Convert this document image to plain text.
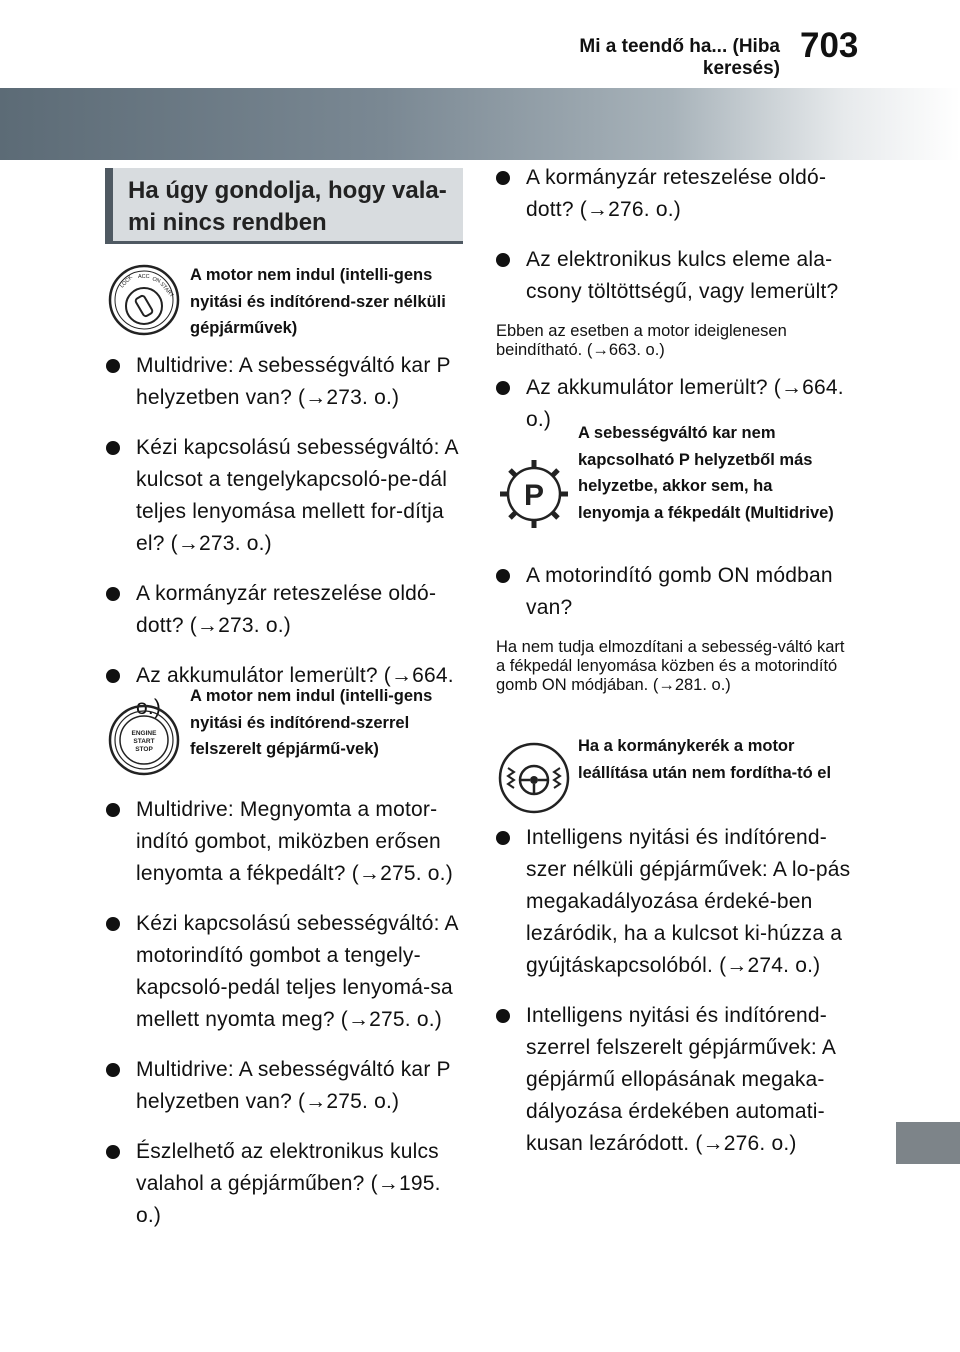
Mi a teendő ha... (Hiba keresés)
703
Ha úgy gondolja, hogy vala-mi nincs rendben
LOCK ACC ON
START
A motor nem indul (intelli-gens nyitási és indítórend-szer nélküli gépjárművek)
Multidrive: A sebességváltó kar P helyzetben van? (→273. o.)
Kézi kapcsolású sebességváltó: A kulcsot a tengelykapcsoló-pe-dál teljes lenyomása mellett for-dítja el? (→273. o.)
A kormányzár reteszelése oldó-dott? (→273. o.)
Az akkumulátor lemerült? (→664. o.)
ENGINE
START
STOP
A motor nem indul (intelli-gens nyitási és indítórend-szerrel felszerelt gépjármű-vek)
Multidrive: Megnyomta a motor-indító gombot, miközben erősen lenyomta a fékpedált? (→275. o.)
Kézi kapcsolású sebességváltó: A motorindító gombot a tengely-kapcsoló-pedál teljes lenyomá-sa mellett nyomta meg? (→275. o.)
Multidrive: A sebességváltó kar P helyzetben van? (→275. o.)
Észlelhető az elektronikus kulcs valahol a gépjárműben? (→195. o.)
A kormányzár reteszelése oldó-dott? (→276. o.)
Az elektronikus kulcs eleme ala-csony töltöttségű, vagy lemerült?
Ebben az esetben a motor ideiglenesen beindítható. (→663. o.)
Az akkumulátor lemerült? (→664. o.)
P
A sebességváltó kar nem kapcsolható P helyzetből más helyzetbe, akkor sem, ha lenyomja a fékpedált (Multidrive)
A motorindító gomb ON módban van?
Ha nem tudja elmozdítani a sebesség-váltó kart a fékpedál lenyomása közben és a motorindító gomb ON módjában. (→281. o.)
Ha a kormánykerék a motor leállítása után nem fordítha-tó el
Intelligens nyitási és indítórend-szer nélküli gépjárművek: A lo-pás megakadályozása érdeké-ben lezáródik, ha a kulcsot ki-húzza a gyújtáskapcsolóból. (→274. o.)
Intelligens nyitási és indítórend-szerrel felszerelt gépjárművek: A gépjármű ellopásának megaka-dályozása érdekében automati-kusan lezáródott. (→276. o.)
